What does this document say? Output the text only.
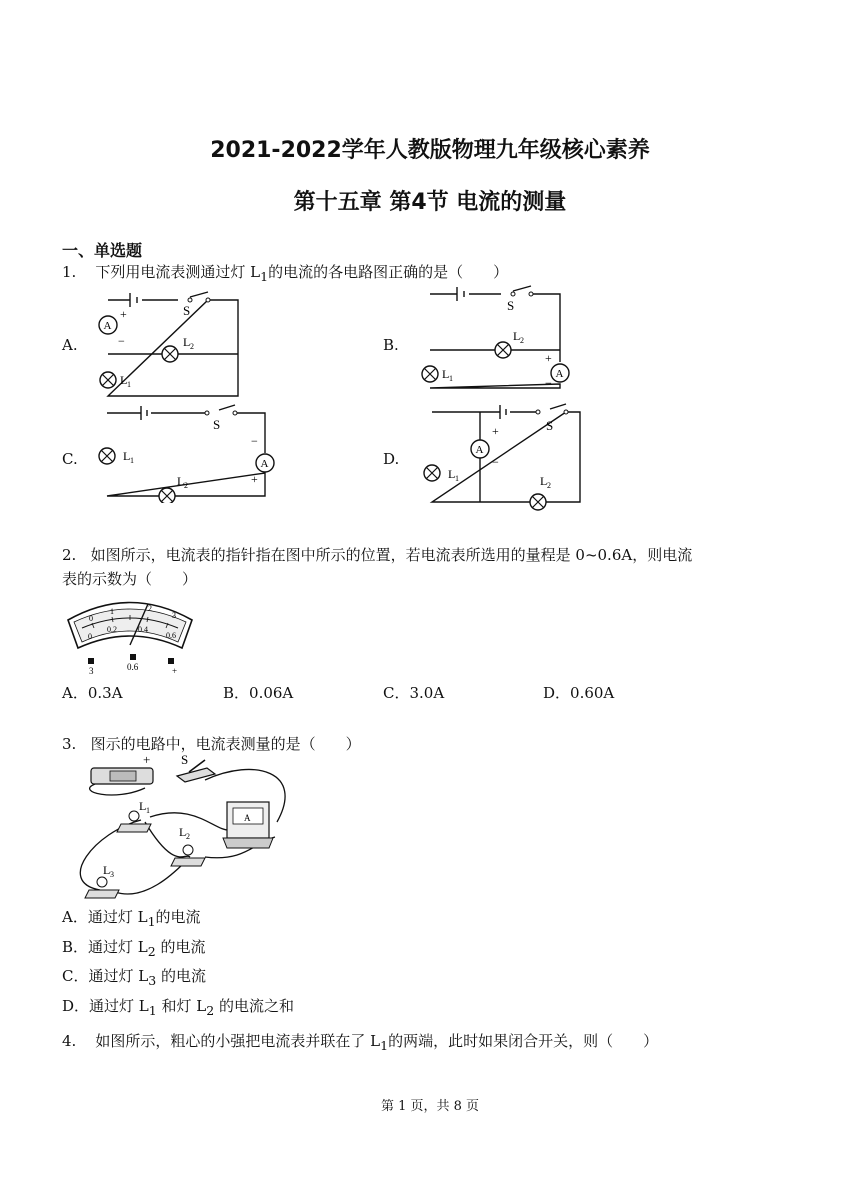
2021-2022学年人教版物理九年级核心素养
第十五章 第4节 电流的测量
一、单选题
1. 下列用电流表测通过灯 $L_1$的电流的各电路图正确的是（　　）
A.	B.
C.	D.
A
+
−
S
L 2
L 1
A
+
−
S
L 2
L 1
A
−
+
S
L 1
L 2
A
+
−
S
L 1	L 2
2. 如图所示，电流表的指针指在图中所示的位置，若电流表所选用的量程是 0~0.6A，则电流
表的示数为（　　）
0
1	2
3
0
0.2	0.4
0.6
3	0.6	+
A．0.3A	B．0.06A	C．3.0A	D．0.60A
3. 图示的电路中，电流表测量的是（　　）
+ S
A
L 1
L 2
L 3
A．通过灯 $L_1$的电流
B．通过灯 $L_2$ 的电流
C．通过灯 $L_3$ 的电流
D．通过灯 $L_1$ 和灯 $L_2$ 的电流之和
4. 如图所示，粗心的小强把电流表并联在了 $L_1$的两端，此时如果闭合开关，则（　　）
第 1 页，共 8 页
